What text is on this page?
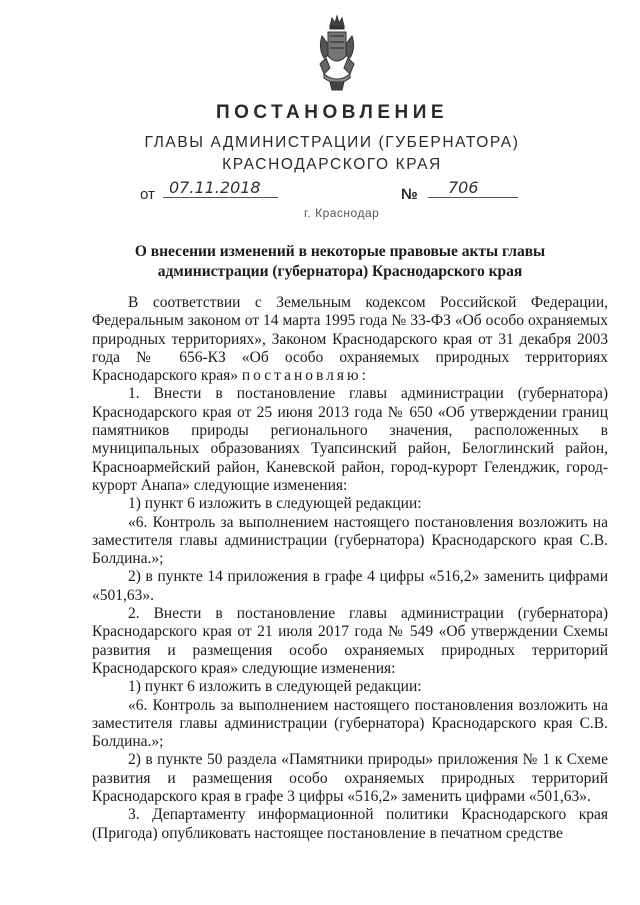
ПОСТАНОВЛЕНИЕ
ГЛАВЫ АДМИНИСТРАЦИИ (ГУБЕРНАТОРА)
КРАСНОДАРСКОГО КРАЯ
от 07.11.2018	№	706
г. Краснодар
О внесении изменений в некоторые правовые акты главы администрации (губернатора) Краснодарского края

В соответствии с Земельным кодексом Российской Федерации, Федеральным законом от 14 марта 1995 года № 33-ФЗ «Об особо охраняемых природных территориях», Законом Краснодарского края от 31 декабря 2003 года № 656-КЗ «Об особо охраняемых природных территориях Краснодарского края» постановляю:

1. Внести в постановление главы администрации (губернатора) Краснодарского края от 25 июня 2013 года № 650 «Об утверждении границ памятников природы регионального значения, расположенных в муниципальных образованиях Туапсинский район, Белоглинский район, Красноармейский район, Каневской район, город-курорт Геленджик, город-курорт Анапа» следующие изменения:

1) пункт 6 изложить в следующей редакции:

«6. Контроль за выполнением настоящего постановления возложить на заместителя главы администрации (губернатора) Краснодарского края С.В. Болдина.»;

2) в пункте 14 приложения в графе 4 цифры «516,2» заменить цифрами «501,63».

2. Внести в постановление главы администрации (губернатора) Краснодарского края от 21 июля 2017 года № 549 «Об утверждении Схемы развития и размещения особо охраняемых природных территорий Краснодарского края» следующие изменения:

1) пункт 6 изложить в следующей редакции:

«6. Контроль за выполнением настоящего постановления возложить на заместителя главы администрации (губернатора) Краснодарского края С.В. Болдина.»;

2) в пункте 50 раздела «Памятники природы» приложения № 1 к Схеме развития и размещения особо охраняемых природных территорий Краснодарского края в графе 3 цифры «516,2» заменить цифрами «501,63».

3. Департаменту информационной политики Краснодарского края (Пригода) опубликовать настоящее постановление в печатном средстве
